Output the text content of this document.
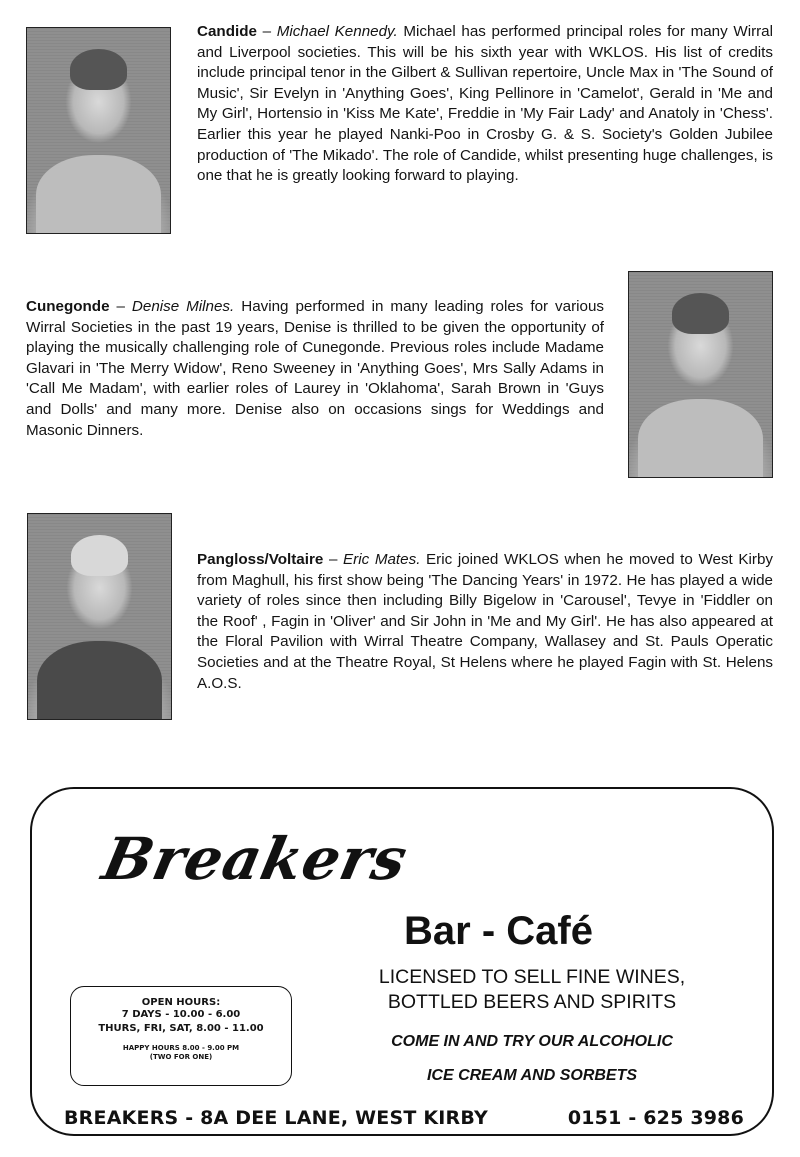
Candide – Michael Kennedy. Michael has performed principal roles for many Wirral and Liverpool societies. This will be his sixth year with WKLOS. His list of credits include principal tenor in the Gilbert & Sullivan repertoire, Uncle Max in 'The Sound of Music', Sir Evelyn in 'Anything Goes', King Pellinore in 'Camelot', Gerald in 'Me and My Girl', Hortensio in 'Kiss Me Kate', Freddie in 'My Fair Lady' and Anatoly in 'Chess'. Earlier this year he played Nanki-Poo in Crosby G. & S. Society's Golden Jubilee production of 'The Mikado'. The role of Candide, whilst presenting huge challenges, is one that he is greatly looking forward to playing.

Cunegonde – Denise Milnes. Having performed in many leading roles for various Wirral Societies in the past 19 years, Denise is thrilled to be given the opportunity of playing the musically challenging role of Cunegonde. Previous roles include Madame Glavari in 'The Merry Widow', Reno Sweeney in 'Anything Goes', Mrs Sally Adams in 'Call Me Madam', with earlier roles of Laurey in 'Oklahoma', Sarah Brown in 'Guys and Dolls' and many more. Denise also on occasions sings for Weddings and Masonic Dinners.

Pangloss/Voltaire – Eric Mates. Eric joined WKLOS when he moved to West Kirby from Maghull, his first show being 'The Dancing Years' in 1972. He has played a wide variety of roles since then including Billy Bigelow in 'Carousel', Tevye in 'Fiddler on the Roof' , Fagin in 'Oliver' and Sir John in 'Me and My Girl'. He has also appeared at the Floral Pavilion with Wirral Theatre Company, Wallasey and St. Pauls Operatic Societies and at the Theatre Royal, St Helens where he played Fagin with St. Helens A.O.S.

Breakers
Bar - Café
LICENSED TO SELL FINE WINES,
BOTTLED BEERS AND SPIRITS
COME IN AND TRY OUR ALCOHOLIC
ICE CREAM AND SORBETS
OPEN HOURS:
7 DAYS - 10.00 - 6.00
THURS, FRI, SAT, 8.00 - 11.00
HAPPY HOURS 8.00 - 9.00 PM
(TWO FOR ONE)
BREAKERS - 8A DEE LANE, WEST KIRBY	0151 - 625 3986
